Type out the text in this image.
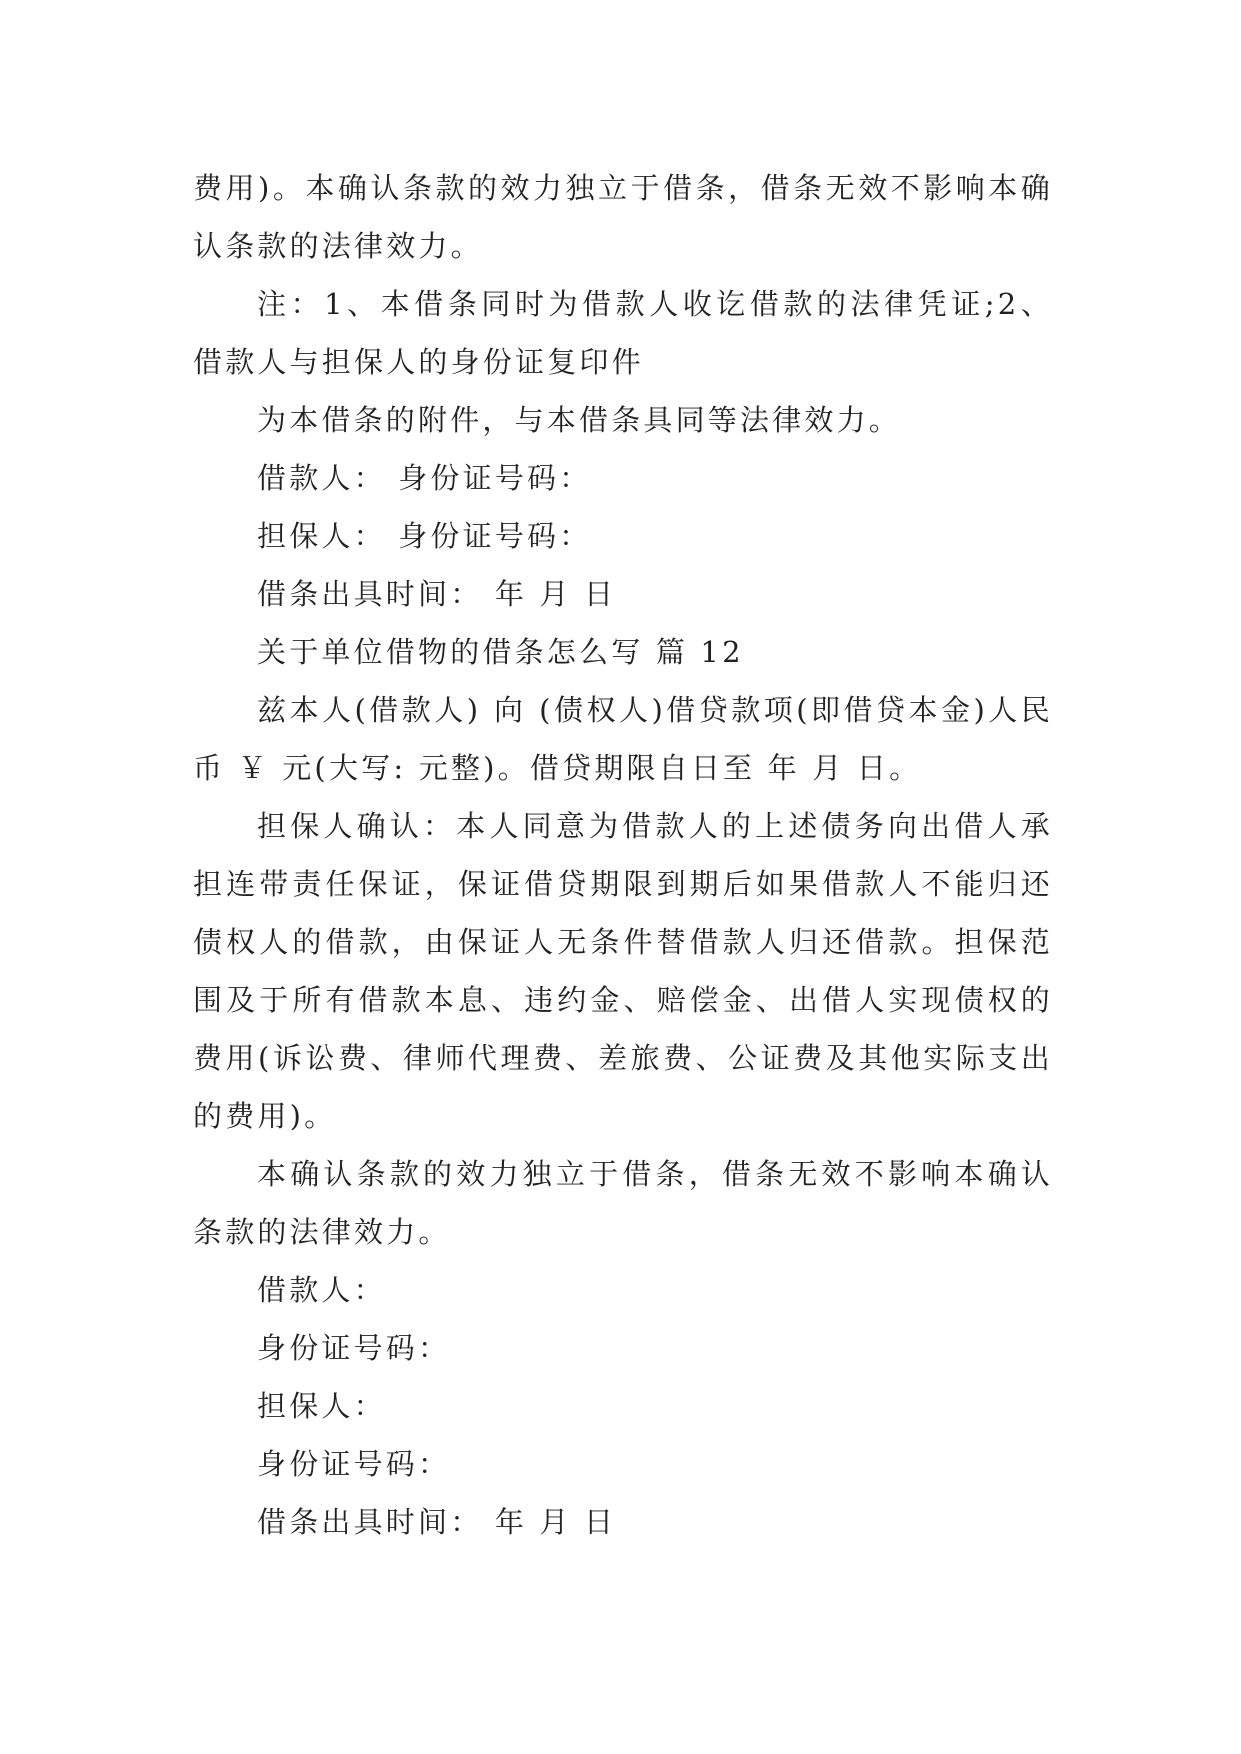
费用)。本确认条款的效力独立于借条，借条无效不影响本确认条款的法律效力。

注：1、本借条同时为借款人收讫借款的法律凭证;2、借款人与担保人的身份证复印件

为本借条的附件，与本借条具同等法律效力。

借款人： 身份证号码：

担保人： 身份证号码：

借条出具时间： 年 月 日

关于单位借物的借条怎么写 篇 12

兹本人(借款人) 向 (债权人)借贷款项(即借贷本金)人民币 ￥ 元(大写: 元整)。借贷期限自日至 年 月 日。

担保人确认：本人同意为借款人的上述债务向出借人承担连带责任保证，保证借贷期限到期后如果借款人不能归还债权人的借款，由保证人无条件替借款人归还借款。担保范围及于所有借款本息、违约金、赔偿金、出借人实现债权的费用(诉讼费、律师代理费、差旅费、公证费及其他实际支出的费用)。

本确认条款的效力独立于借条，借条无效不影响本确认条款的法律效力。

借款人：

身份证号码：

担保人：

身份证号码：

借条出具时间： 年 月 日
